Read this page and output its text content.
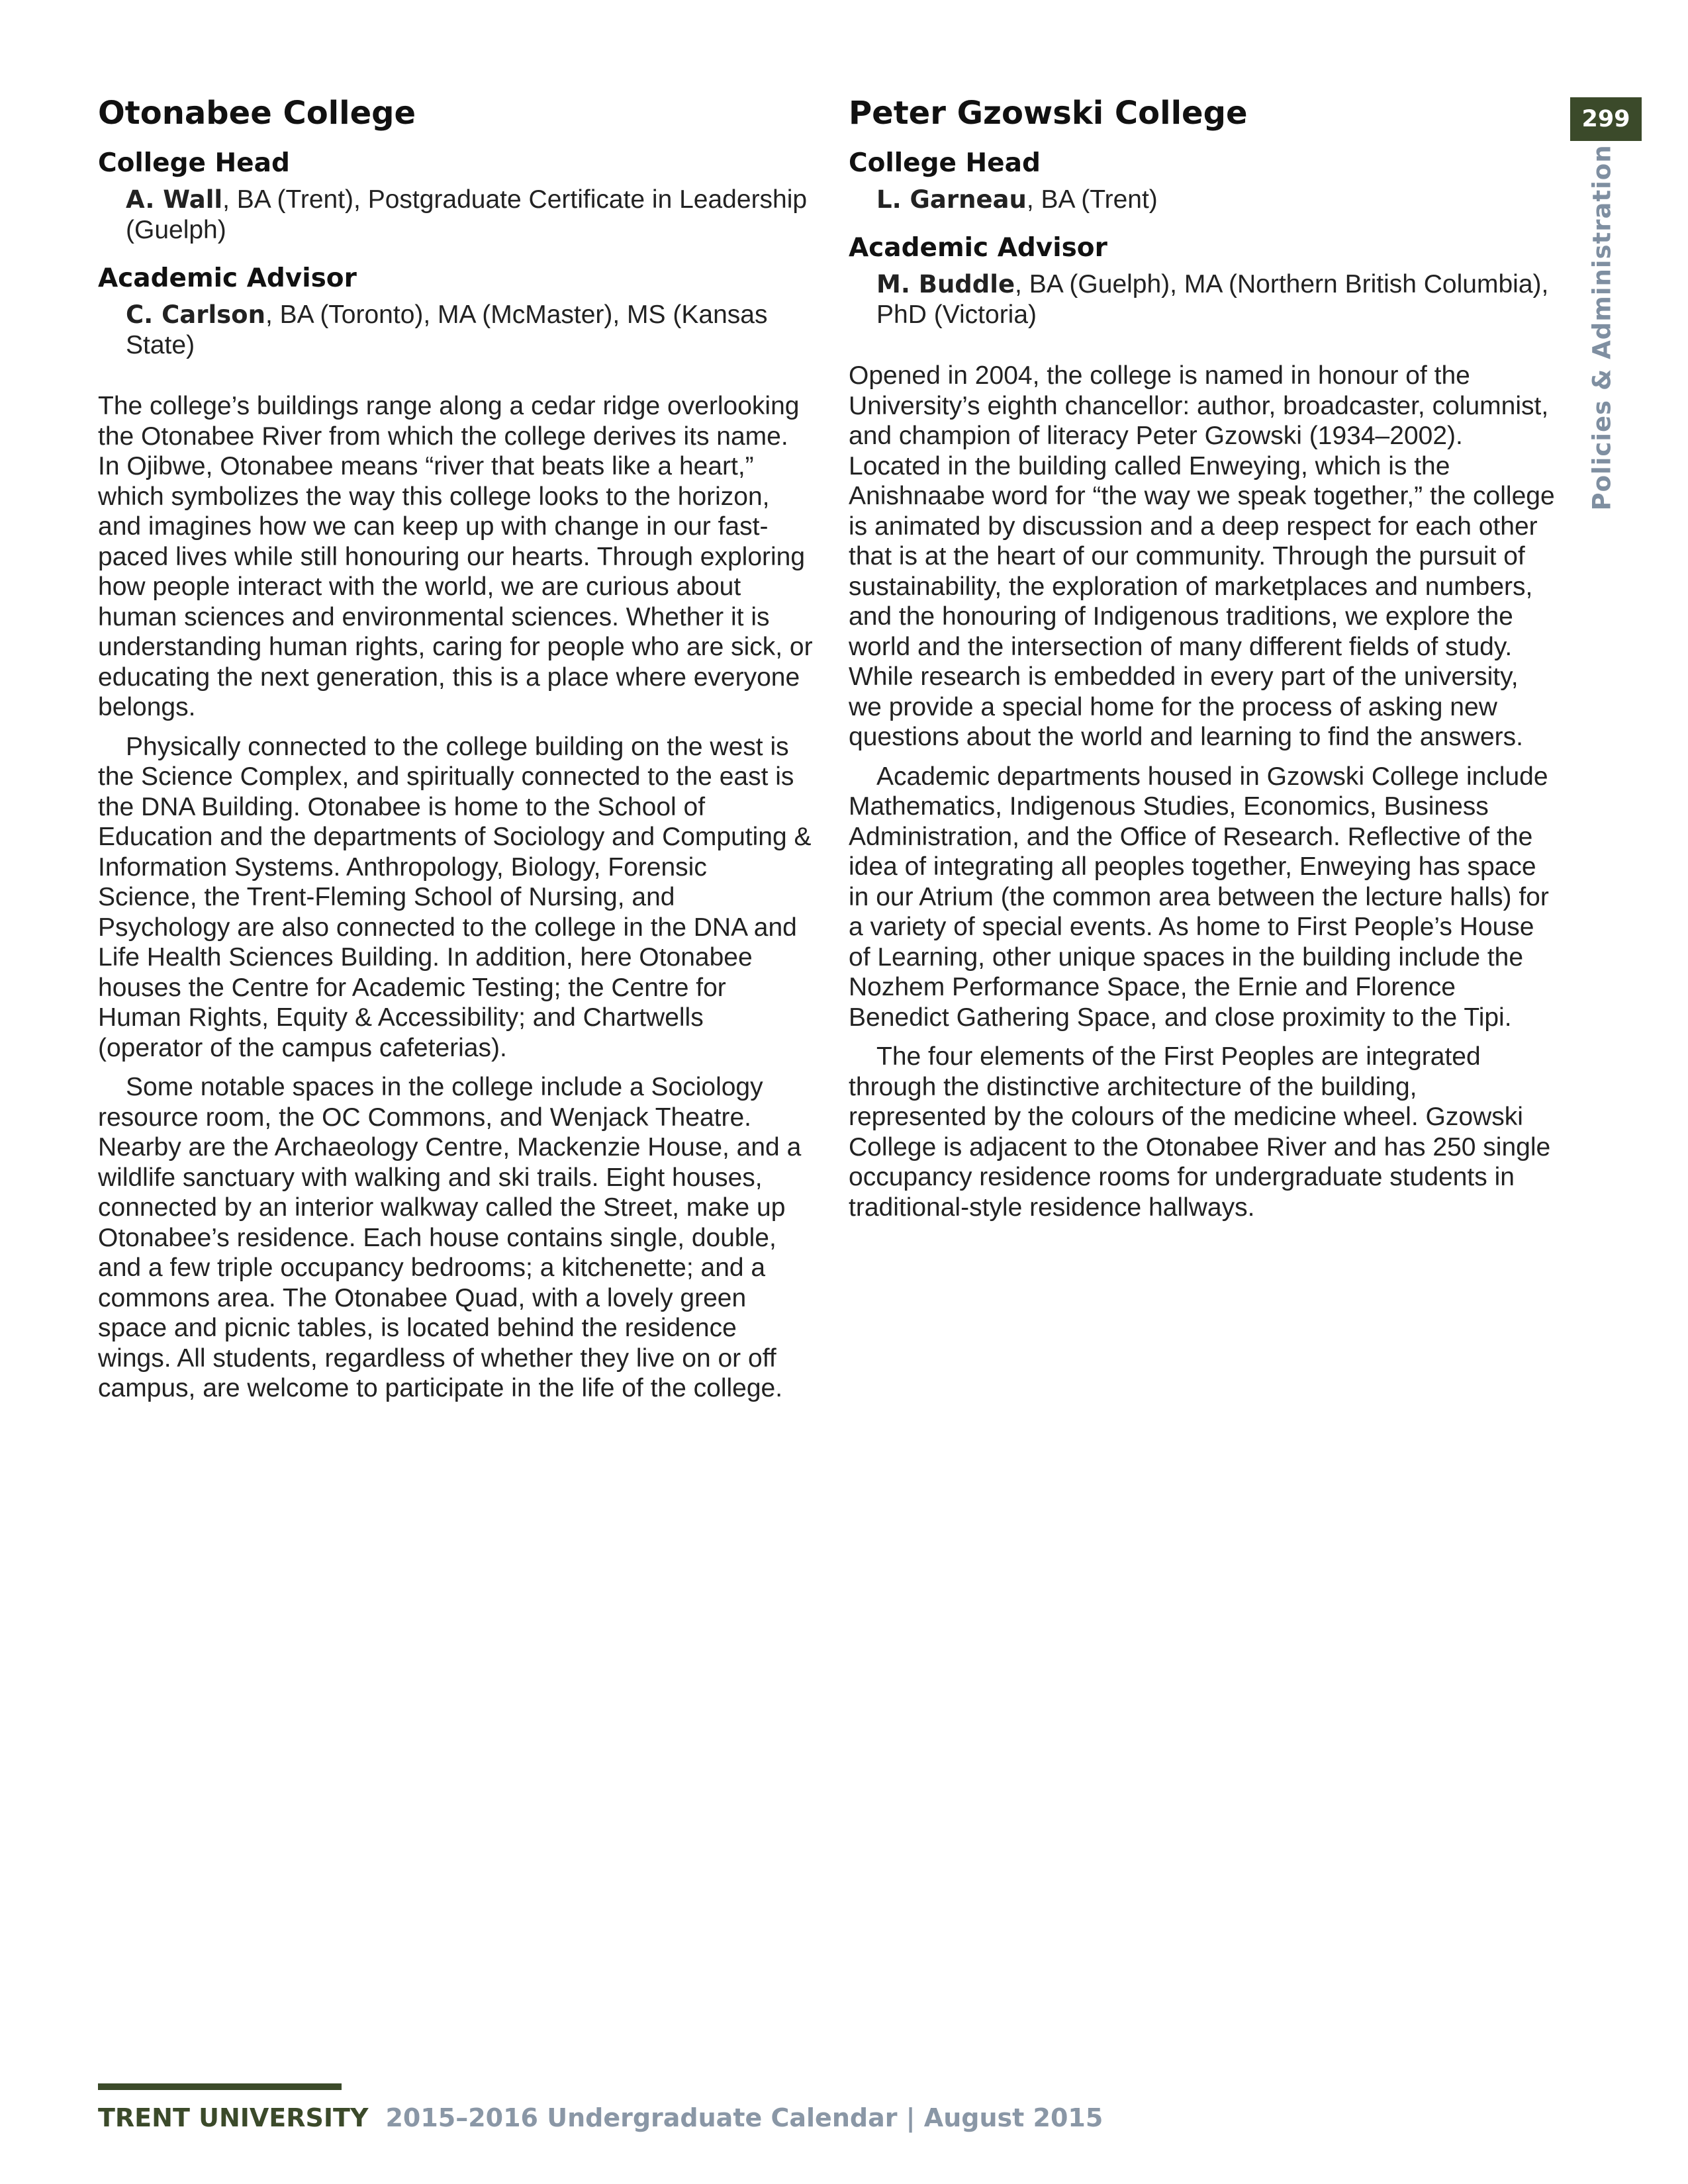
Otonabee College
College Head

A. Wall, BA (Trent), Postgraduate Certificate in Leadership (Guelph)

Academic Advisor

C. Carlson, BA (Toronto), MA (McMaster), MS (Kansas State)

The college’s buildings range along a cedar ridge overlooking the Otonabee River from which the college derives its name. In Ojibwe, Otonabee means “river that beats like a heart,” which symbolizes the way this college looks to the horizon, and imagines how we can keep up with change in our fast-paced lives while still honouring our hearts. Through exploring how people interact with the world, we are curious about human sciences and environmental sciences. Whether it is understanding human rights, caring for people who are sick, or educating the next generation, this is a place where everyone belongs.

Physically connected to the college building on the west is the Science Complex, and spiritually connected to the east is the DNA Building. Otonabee is home to the School of Education and the departments of Sociology and Computing & Information Systems. Anthropology, Biology, Forensic Science, the Trent-Fleming School of Nursing, and Psychology are also connected to the college in the DNA and Life Health Sciences Building. In addition, here Otonabee houses the Centre for Academic Testing; the Centre for Human Rights, Equity & Accessibility; and Chartwells (operator of the campus cafeterias).

Some notable spaces in the college include a Sociology resource room, the OC Commons, and Wenjack Theatre. Nearby are the Archaeology Centre, Mackenzie House, and a wildlife sanctuary with walking and ski trails. Eight houses, connected by an interior walkway called the Street, make up Otonabee’s residence. Each house contains single, double, and a few triple occupancy bedrooms; a kitchenette; and a commons area. The Otonabee Quad, with a lovely green space and picnic tables, is located behind the residence wings. All students, regardless of whether they live on or off campus, are welcome to participate in the life of the college.

Peter Gzowski College
College Head

L. Garneau, BA (Trent)

Academic Advisor

M. Buddle, BA (Guelph), MA (Northern British Columbia), PhD (Victoria)

Opened in 2004, the college is named in honour of the University’s eighth chancellor: author, broadcaster, columnist, and champion of literacy Peter Gzowski (1934–2002). Located in the building called Enweying, which is the Anishnaabe word for “the way we speak together,” the college is animated by discussion and a deep respect for each other that is at the heart of our community. Through the pursuit of sustainability, the exploration of marketplaces and numbers, and the honouring of Indigenous traditions, we explore the world and the intersection of many different fields of study. While research is embedded in every part of the university, we provide a special home for the process of asking new questions about the world and learning to find the answers.

Academic departments housed in Gzowski College include Mathematics, Indigenous Studies, Economics, Business Administration, and the Office of Research. Reflective of the idea of integrating all peoples together, Enweying has space in our Atrium (the common area between the lecture halls) for a variety of special events. As home to First People’s House of Learning, other unique spaces in the building include the Nozhem Performance Space, the Ernie and Florence Benedict Gathering Space, and close proximity to the Tipi.

The four elements of the First Peoples are integrated through the distinctive architecture of the building, represented by the colours of the medicine wheel. Gzowski College is adjacent to the Otonabee River and has 250 single occupancy residence rooms for undergraduate students in traditional-style residence hallways.

299
Policies & Administration
TRENT UNIVERSITY 2015–2016 Undergraduate Calendar | August 2015
